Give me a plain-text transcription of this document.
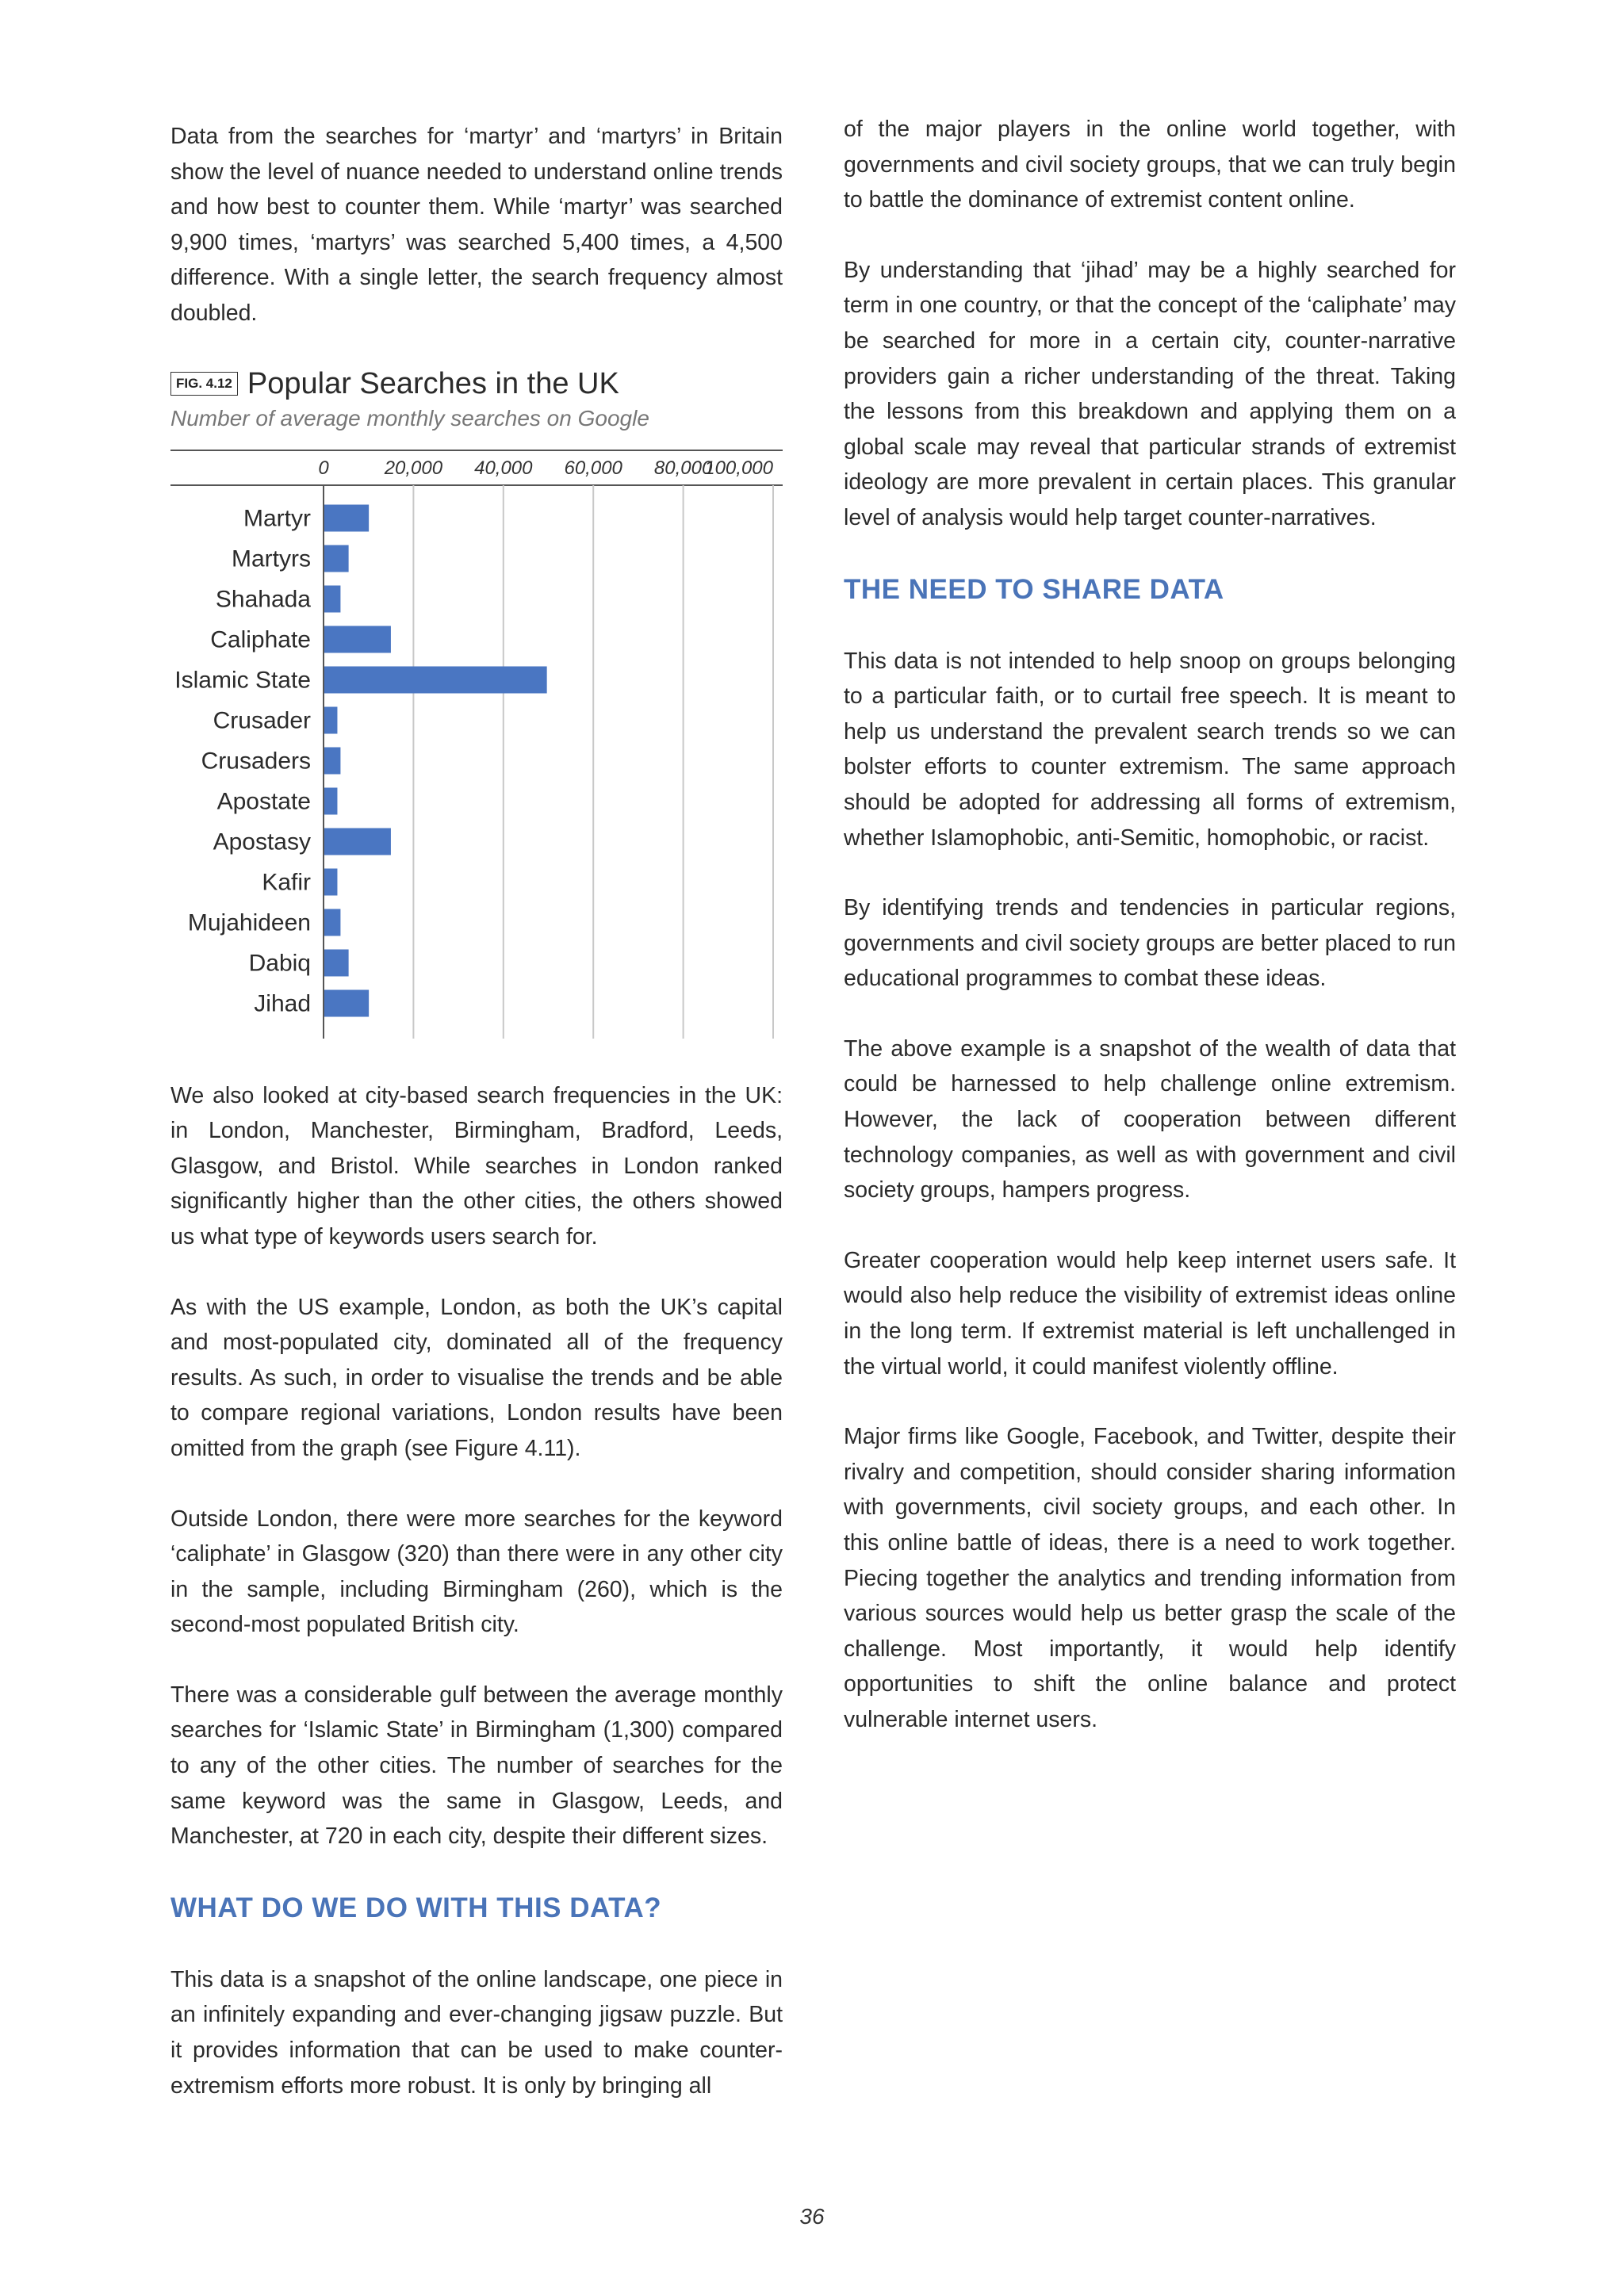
Data from the searches for ‘martyr’ and ‘martyrs’ in Britain show the level of nuance needed to understand online trends and how best to counter them. While ‘martyr’ was searched 9,900 times, ‘martyrs’ was searched 5,400 times, a 4,500 difference. With a single letter, the search frequency almost doubled.

FIG. 4.12 Popular Searches in the UK
Number of average monthly searches on Google
0	20,000 40,000 60,000 80,000
100,000
Martyr
Martyrs
Shahada
Caliphate
Islamic State
Crusader
Crusaders
Apostate
Apostasy
Kafir
Mujahideen
Dabiq
Jihad

We also looked at city-based search frequencies in the UK: in London, Manchester, Birmingham, Bradford, Leeds, Glasgow, and Bristol. While searches in London ranked significantly higher than the other cities, the others showed us what type of keywords users search for.

As with the US example, London, as both the UK’s capital and most-populated city, dominated all of the frequency results. As such, in order to visualise the trends and be able to compare regional variations, London results have been omitted from the graph (see Figure 4.11).

Outside London, there were more searches for the keyword ‘caliphate’ in Glasgow (320) than there were in any other city in the sample, including Birmingham (260), which is the second-most populated British city.

There was a considerable gulf between the average monthly searches for ‘Islamic State’ in Birmingham (1,300) compared to any of the other cities. The number of searches for the same keyword was the same in Glasgow, Leeds, and Manchester, at 720 in each city, despite their different sizes.

WHAT DO WE DO WITH THIS DATA?

This data is a snapshot of the online landscape, one piece in an infinitely expanding and ever-changing jigsaw puzzle. But it provides information that can be used to make counter-extremism efforts more robust. It is only by bringing all

of the major players in the online world together, with governments and civil society groups, that we can truly begin to battle the dominance of extremist content online.

By understanding that ‘jihad’ may be a highly searched for term in one country, or that the concept of the ‘caliphate’ may be searched for more in a certain city, counter-narrative providers gain a richer understanding of the threat. Taking the lessons from this breakdown and applying them on a global scale may reveal that particular strands of extremist ideology are more prevalent in certain places. This granular level of analysis would help target counter-narratives.

THE NEED TO SHARE DATA

This data is not intended to help snoop on groups belonging to a particular faith, or to curtail free speech. It is meant to help us understand the prevalent search trends so we can bolster efforts to counter extremism. The same approach should be adopted for addressing all forms of extremism, whether Islamophobic, anti-Semitic, homophobic, or racist.

By identifying trends and tendencies in particular regions, governments and civil society groups are better placed to run educational programmes to combat these ideas.

The above example is a snapshot of the wealth of data that could be harnessed to help challenge online extremism. However, the lack of cooperation between different technology companies, as well as with government and civil society groups, hampers progress.

Greater cooperation would help keep internet users safe. It would also help reduce the visibility of extremist ideas online in the long term. If extremist material is left unchallenged in the virtual world, it could manifest violently offline.

Major firms like Google, Facebook, and Twitter, despite their rivalry and competition, should consider sharing information with governments, civil society groups, and each other. In this online battle of ideas, there is a need to work together. Piecing together the analytics and trending information from various sources would help us better grasp the scale of the challenge. Most importantly, it would help identify opportunities to shift the online balance and protect vulnerable internet users.

36
